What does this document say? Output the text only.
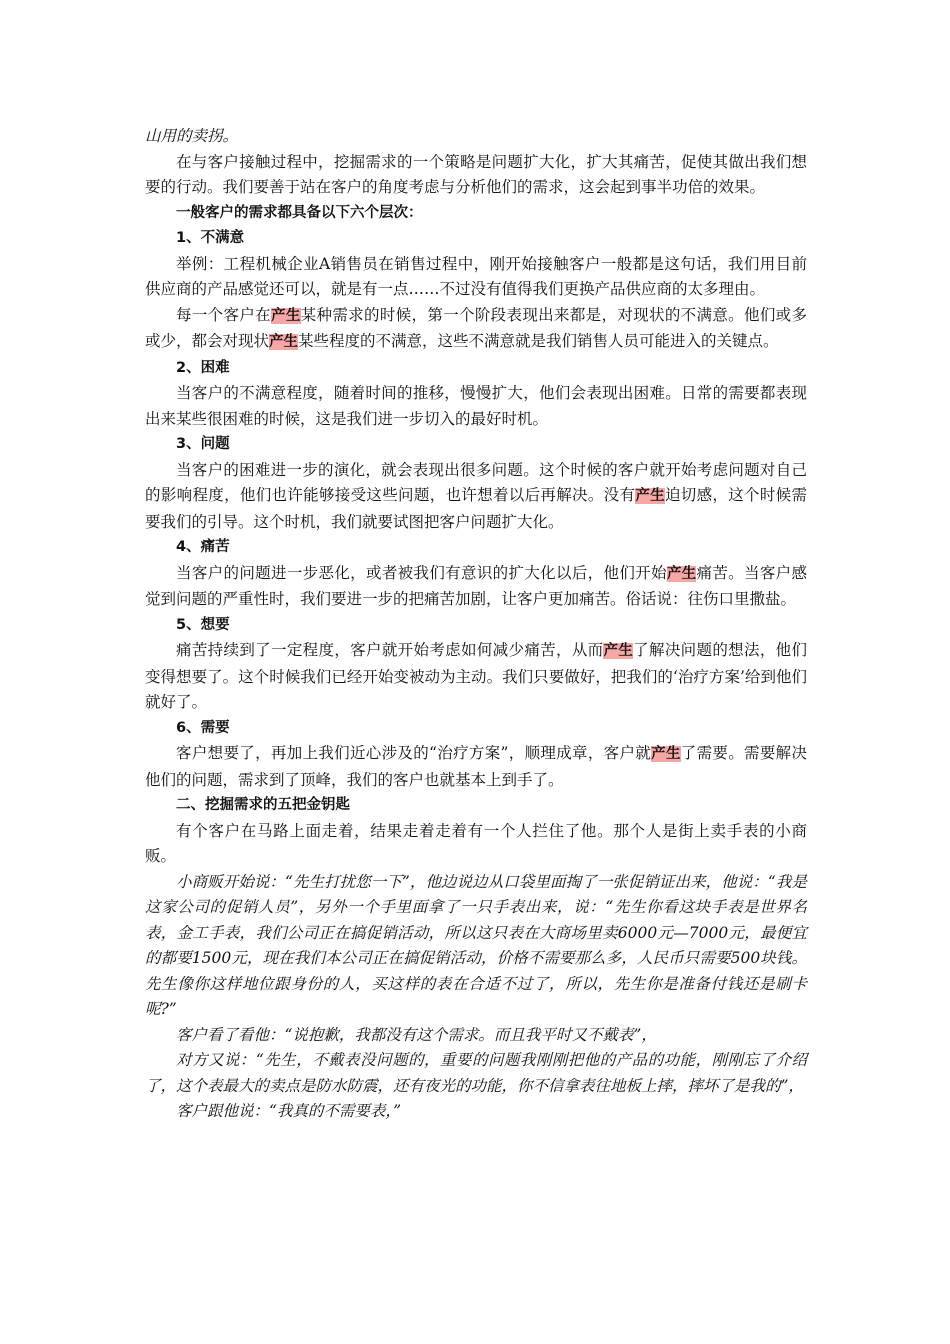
山用的卖拐。

在与客户接触过程中，挖掘需求的一个策略是问题扩大化，扩大其痛苦，促使其做出我们想要的行动。我们要善于站在客户的角度考虑与分析他们的需求，这会起到事半功倍的效果。

一般客户的需求都具备以下六个层次：

1、不满意

举例：工程机械企业A销售员在销售过程中，刚开始接触客户一般都是这句话，我们用目前供应商的产品感觉还可以，就是有一点……不过没有值得我们更换产品供应商的太多理由。

每一个客户在产生某种需求的时候，第一个阶段表现出来都是，对现状的不满意。他们或多或少，都会对现状产生某些程度的不满意，这些不满意就是我们销售人员可能进入的关键点。

2、困难

当客户的不满意程度，随着时间的推移，慢慢扩大，他们会表现出困难。日常的需要都表现出来某些很困难的时候，这是我们进一步切入的最好时机。

3、问题

当客户的困难进一步的演化，就会表现出很多问题。这个时候的客户就开始考虑问题对自己的影响程度，他们也许能够接受这些问题，也许想着以后再解决。没有产生迫切感，这个时候需要我们的引导。这个时机，我们就要试图把客户问题扩大化。

4、痛苦

当客户的问题进一步恶化，或者被我们有意识的扩大化以后，他们开始产生痛苦。当客户感觉到问题的严重性时，我们要进一步的把痛苦加剧，让客户更加痛苦。俗话说：往伤口里撒盐。

5、想要

痛苦持续到了一定程度，客户就开始考虑如何减少痛苦，从而产生了解决问题的想法，他们变得想要了。这个时候我们已经开始变被动为主动。我们只要做好，把我们的‘治疗方案’给到他们就好了。

6、需要

客户想要了，再加上我们近心涉及的“治疗方案”，顺理成章，客户就产生了需要。需要解决他们的问题，需求到了顶峰，我们的客户也就基本上到手了。

二、挖掘需求的五把金钥匙

有个客户在马路上面走着，结果走着走着有一个人拦住了他。那个人是街上卖手表的小商贩。

小商贩开始说：“先生打扰您一下”，他边说边从口袋里面掏了一张促销证出来，他说：“我是这家公司的促销人员”，另外一个手里面拿了一只手表出来，说：“先生你看这块手表是世界名表，金工手表，我们公司正在搞促销活动，所以这只表在大商场里卖6000元—7000元，最便宜的都要1500元，现在我们本公司正在搞促销活动，价格不需要那么多，人民币只需要500块钱。先生像你这样地位跟身份的人，买这样的表在合适不过了，所以，先生你是准备付钱还是刷卡呢?”

客户看了看他：“说抱歉，我都没有这个需求。而且我平时又不戴表”，

对方又说：“先生，不戴表没问题的，重要的问题我刚刚把他的产品的功能，刚刚忘了介绍了，这个表最大的卖点是防水防震，还有夜光的功能，你不信拿表往地板上摔，摔坏了是我的”，

客户跟他说：“我真的不需要表，”
